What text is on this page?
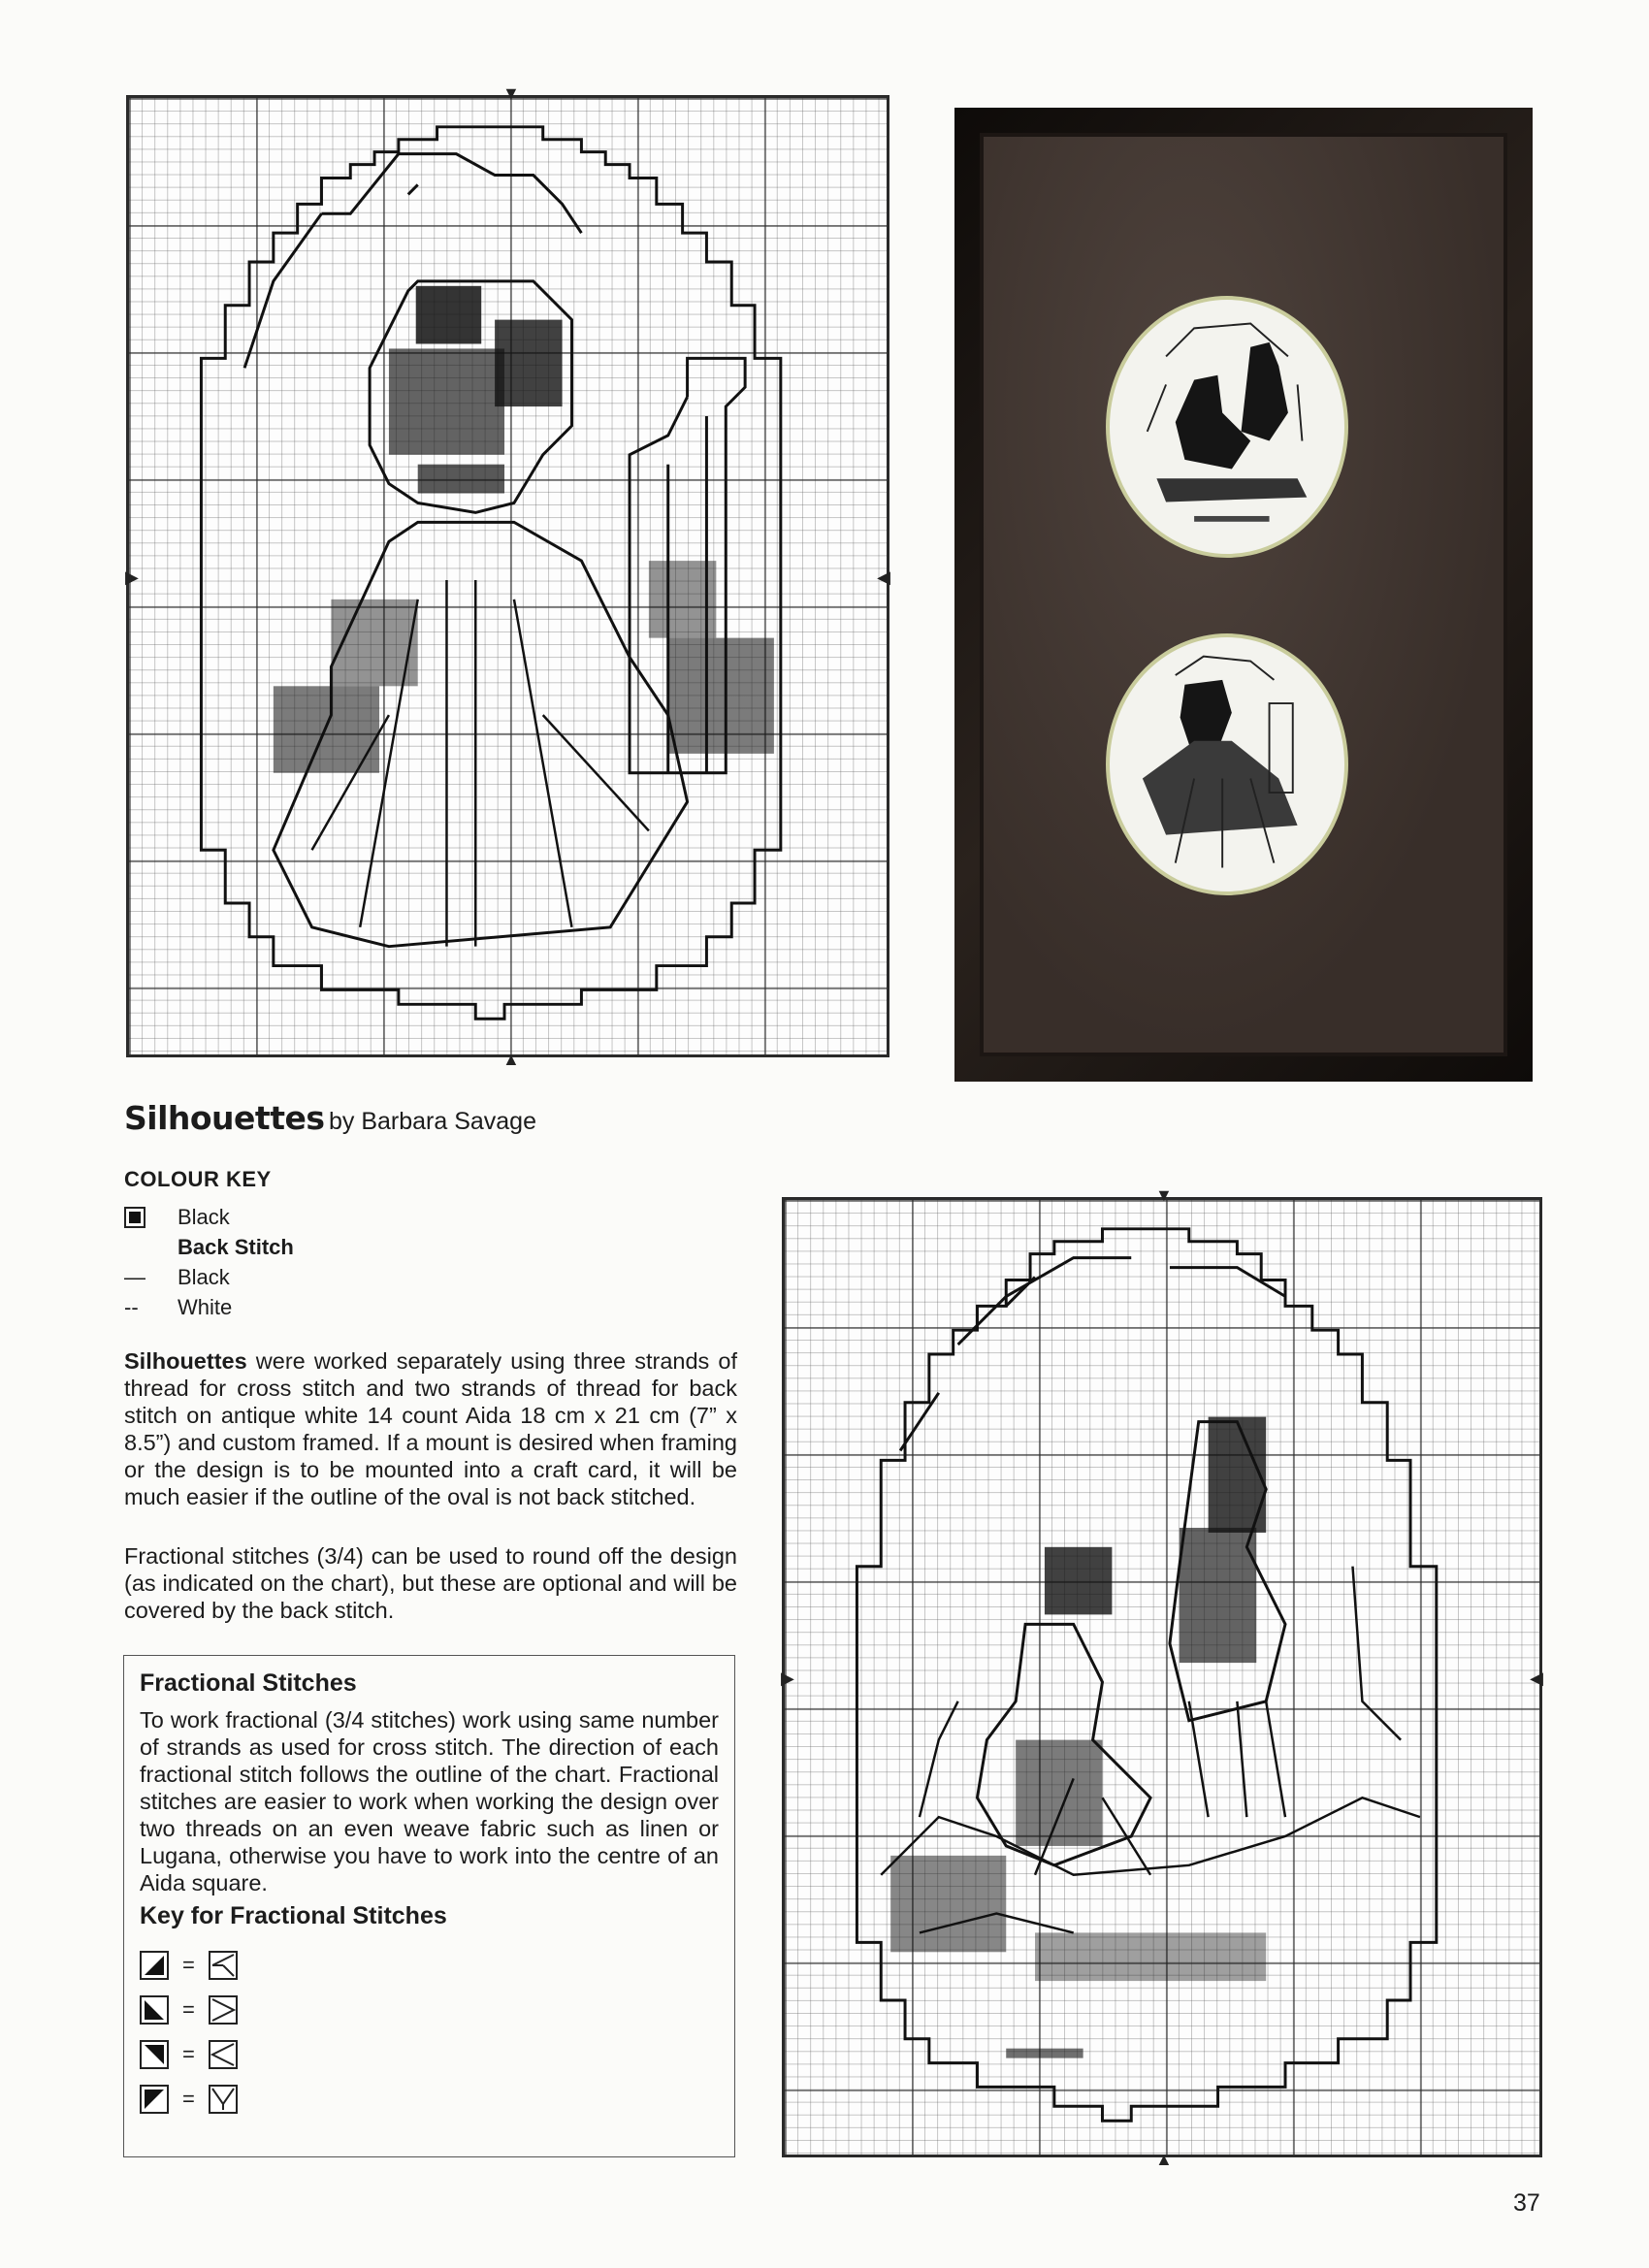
▼
▲
▶	◀
Silhouettes by Barbara Savage
COLOUR KEY
Black
Back Stitch
—	Black
--	White
Silhouettes were worked separately using three strands of thread for cross stitch and two strands of thread for back stitch on antique white 14 count Aida 18 cm x 21 cm (7” x 8.5”) and custom framed. If a mount is desired when framing or the design is to be mounted into a craft card, it will be much easier if the outline of the oval is not back stitched.
Fractional stitches (3/4) can be used to round off the design (as indicated on the chart), but these are optional and will be covered by the back stitch.
Fractional Stitches
To work fractional (3/4 stitches) work using same number of strands as used for cross stitch. The direction of each fractional stitch follows the outline of the chart. Fractional stitches are easier to work when working the design over two threads on an even weave fabric such as linen or Lugana, otherwise you have to work into the centre of an Aida square.
Key for Fractional Stitches
=
=
=
=
▼
▲
▶	◀
37
